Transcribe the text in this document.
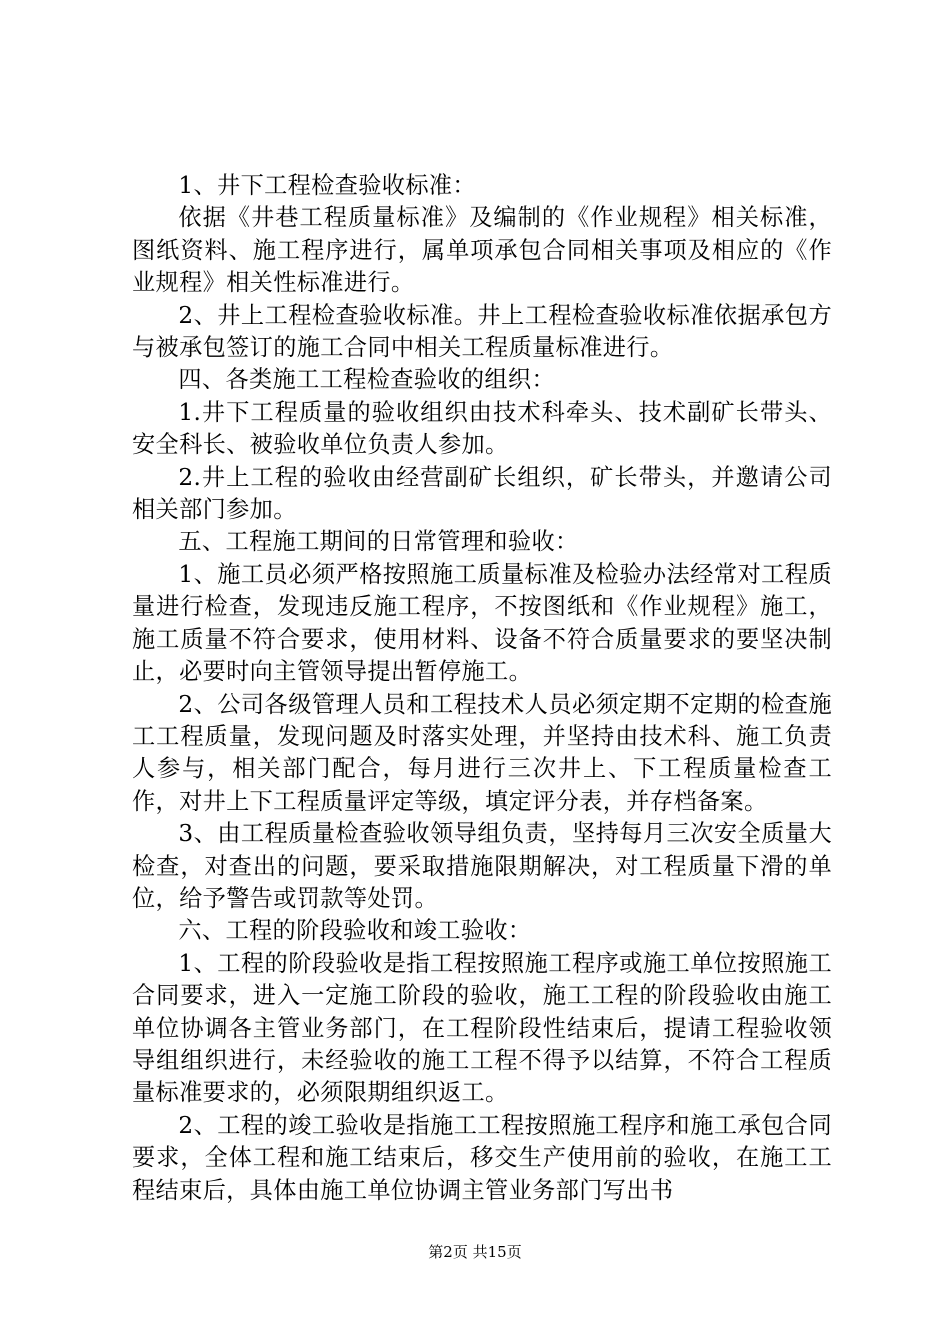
1、井下工程检查验收标准：

依据《井巷工程质量标准》及编制的《作业规程》相关标准，图纸资料、施工程序进行，属单项承包合同相关事项及相应的《作业规程》相关性标准进行。

2、井上工程检查验收标准。井上工程检查验收标准依据承包方与被承包签订的施工合同中相关工程质量标准进行。

四、各类施工工程检查验收的组织：

1.井下工程质量的验收组织由技术科牵头、技术副矿长带头、安全科长、被验收单位负责人参加。

2.井上工程的验收由经营副矿长组织，矿长带头，并邀请公司相关部门参加。

五、工程施工期间的日常管理和验收：

1、施工员必须严格按照施工质量标准及检验办法经常对工程质量进行检查，发现违反施工程序，不按图纸和《作业规程》施工，施工质量不符合要求，使用材料、设备不符合质量要求的要坚决制止，必要时向主管领导提出暂停施工。

2、公司各级管理人员和工程技术人员必须定期不定期的检查施工工程质量，发现问题及时落实处理，并坚持由技术科、施工负责人参与，相关部门配合，每月进行三次井上、下工程质量检查工作，对井上下工程质量评定等级，填定评分表，并存档备案。

3、由工程质量检查验收领导组负责，坚持每月三次安全质量大检查，对查出的问题，要采取措施限期解决，对工程质量下滑的单位，给予警告或罚款等处罚。

六、工程的阶段验收和竣工验收：

1、工程的阶段验收是指工程按照施工程序或施工单位按照施工合同要求，进入一定施工阶段的验收，施工工程的阶段验收由施工单位协调各主管业务部门，在工程阶段性结束后，提请工程验收领导组组织进行，未经验收的施工工程不得予以结算，不符合工程质量标准要求的，必须限期组织返工。

2、工程的竣工验收是指施工工程按照施工程序和施工承包合同要求，全体工程和施工结束后，移交生产使用前的验收，在施工工程结束后，具体由施工单位协调主管业务部门写出书

第2页 共15页
